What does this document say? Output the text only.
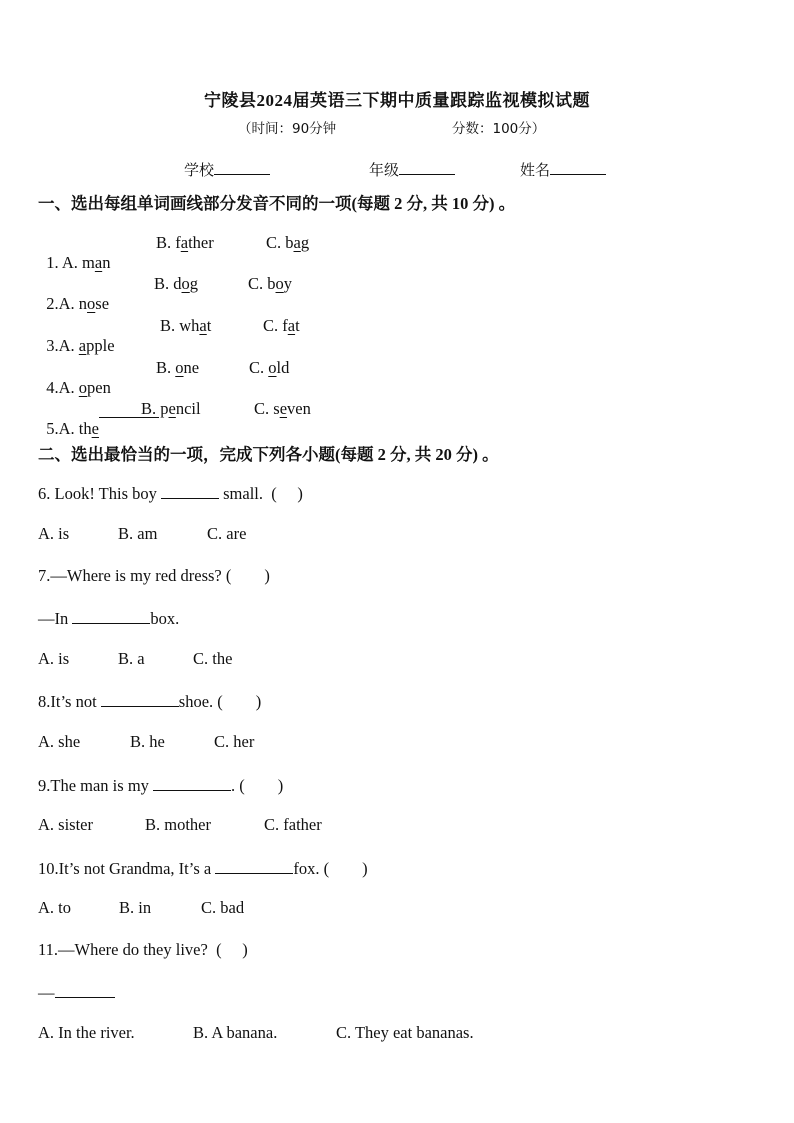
宁陵县2024届英语三下期中质量跟踪监视模拟试题
（时间：90分钟	分数：100分）
学校	年级	姓名
一、选出每组单词画线部分发音不同的一项(每题 2 分, 共 10 分) 。

1. A. man

B. father	C. bag

2.A. nose

B. dog	C. boy

3.A. apple

B. what	C. fat

4.A. open

B. one	C. old

5.A. the

B. pencil	C. seven
二、选出最恰当的一项，完成下列各小题(每题 2 分, 共 20 分) 。
6. Look! This boy	small.  (     )
A. is	B. am	C. are
7.—Where is my red dress? (        )
—In	box.
A. is	B. a	C. the
8.It’s not	shoe. (        )
A. she	B. he	C. her
9.The man is my	. (        )
A. sister	B. mother	C. father
10.It’s not Grandma, It’s a	fox. (        )
A. to	B. in	C. bad
11.—Where do they live?  (     )
—
A. In the river.	B. A banana.	C. They eat bananas.
